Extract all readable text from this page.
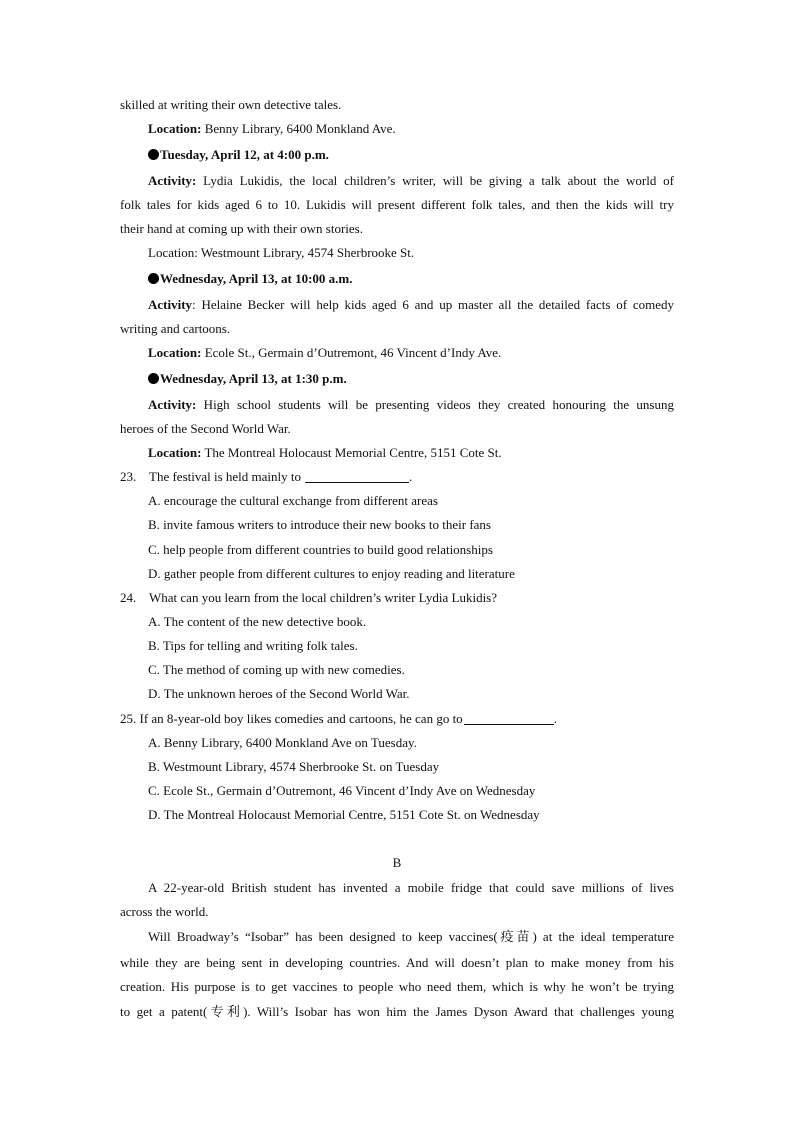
skilled at writing their own detective tales.
Location: Benny Library, 6400 Monkland Ave.
Tuesday, April 12, at 4:00 p.m.
Activity: Lydia Lukidis, the local children’s writer, will be giving a talk about the world of
folk tales for kids aged 6 to 10. Lukidis will present different folk tales, and then the kids will try
their hand at coming up with their own stories.
Location: Westmount Library, 4574 Sherbrooke St.
Wednesday, April 13, at 10:00 a.m.
Activity: Helaine Becker will help kids aged 6 and up master all the detailed facts of comedy
writing and cartoons.
Location: Ecole St., Germain d’Outremont, 46 Vincent d’Indy Ave.
Wednesday, April 13, at 1:30 p.m.
Activity: High school students will be presenting videos they created honouring the unsung
heroes of the Second World War.
Location: The Montreal Holocaust Memorial Centre, 5151 Cote St.
23.    The festival is held mainly to	.
A. encourage the cultural exchange from different areas
B. invite famous writers to introduce their new books to their fans
C. help people from different countries to build good relationships
D. gather people from different cultures to enjoy reading and literature
24.    What can you learn from the local children’s writer Lydia Lukidis?
A. The content of the new detective book.
B. Tips for telling and writing folk tales.
C. The method of coming up with new comedies.
D. The unknown heroes of the Second World War.
25. If an 8-year-old boy likes comedies and cartoons, he can go to	.
A. Benny Library, 6400 Monkland Ave on Tuesday.
B. Westmount Library, 4574 Sherbrooke St. on Tuesday
C. Ecole St., Germain d’Outremont, 46 Vincent d’Indy Ave on Wednesday
D. The Montreal Holocaust Memorial Centre, 5151 Cote St. on Wednesday
B
A 22-year-old British student has invented a mobile fridge that could save millions of lives
across the world.
Will Broadway’s “Isobar” has been designed to keep vaccines(疫苗) at the ideal temperature
while they are being sent in developing countries. And will doesn’t plan to make money from his
creation. His purpose is to get vaccines to people who need them, which is why he won’t be trying
to get a patent(专利). Will’s Isobar has won him the James Dyson Award that challenges young
